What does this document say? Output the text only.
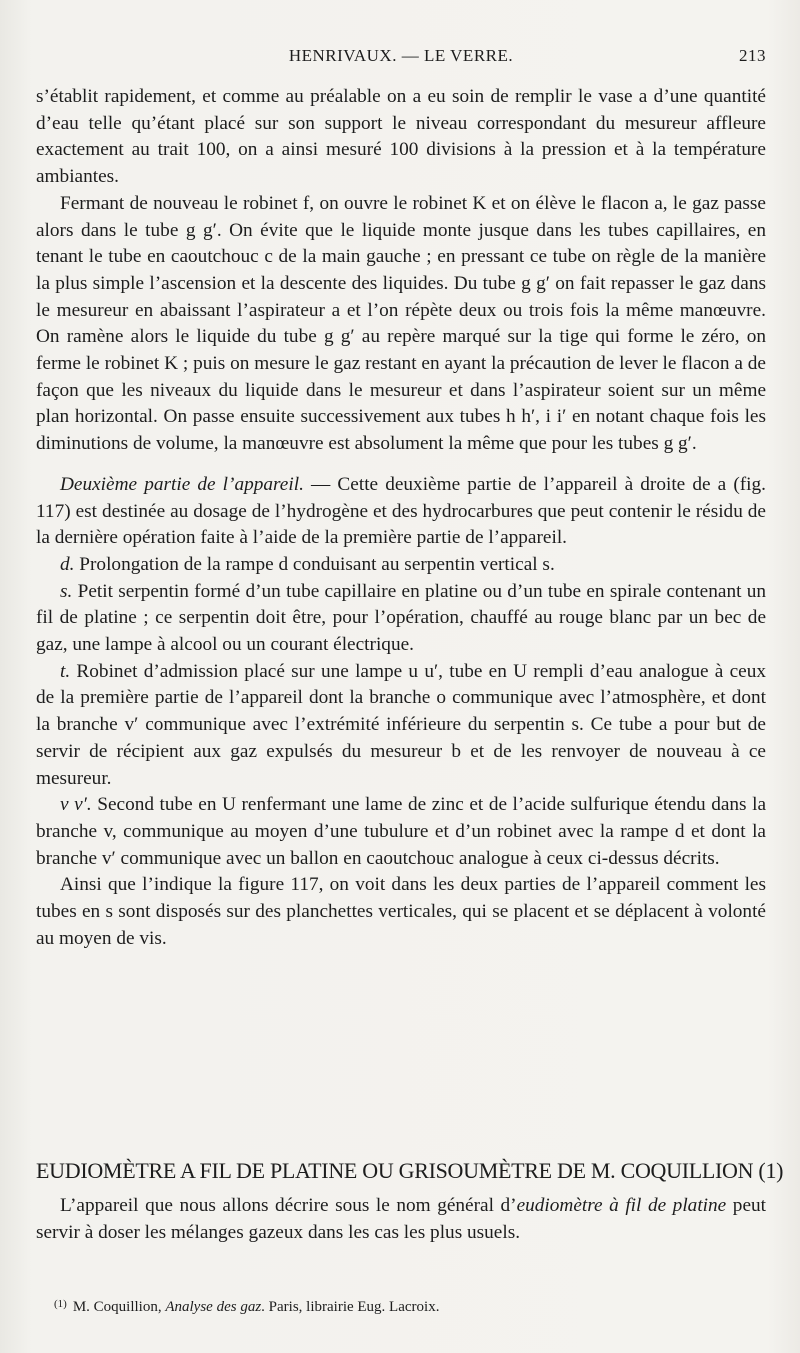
HENRIVAUX. — LE VERRE.	213

s’établit rapidement, et comme au préalable on a eu soin de remplir le vase a d’une quantité d’eau telle qu’étant placé sur son support le niveau correspondant du mesureur affleure exactement au trait 100, on a ainsi mesuré 100 divisions à la pression et à la température ambiantes.

Fermant de nouveau le robinet f, on ouvre le robinet K et on élève le flacon a, le gaz passe alors dans le tube g g′. On évite que le liquide monte jusque dans les tubes capillaires, en tenant le tube en caoutchouc c de la main gauche ; en pressant ce tube on règle de la manière la plus simple l’ascension et la descente des liquides. Du tube g g′ on fait repasser le gaz dans le mesureur en abaissant l’aspirateur a et l’on répète deux ou trois fois la même manœuvre. On ramène alors le liquide du tube g g′ au repère marqué sur la tige qui forme le zéro, on ferme le robinet K ; puis on mesure le gaz restant en ayant la précaution de lever le flacon a de façon que les niveaux du liquide dans le mesureur et dans l’aspirateur soient sur un même plan horizontal. On passe ensuite successivement aux tubes h h′, i i′ en notant chaque fois les diminutions de volume, la manœuvre est absolument la même que pour les tubes g g′.

Deuxième partie de l’appareil. — Cette deuxième partie de l’appareil à droite de a (fig. 117) est destinée au dosage de l’hydrogène et des hydrocarbures que peut contenir le résidu de la dernière opération faite à l’aide de la première partie de l’appareil.

d. Prolongation de la rampe d conduisant au serpentin vertical s.

s. Petit serpentin formé d’un tube capillaire en platine ou d’un tube en spirale contenant un fil de platine ; ce serpentin doit être, pour l’opération, chauffé au rouge blanc par un bec de gaz, une lampe à alcool ou un courant électrique.

t. Robinet d’admission placé sur une lampe u u′, tube en U rempli d’eau analogue à ceux de la première partie de l’appareil dont la branche o communique avec l’atmosphère, et dont la branche v′ communique avec l’extrémité inférieure du serpentin s. Ce tube a pour but de servir de récipient aux gaz expulsés du mesureur b et de les renvoyer de nouveau à ce mesureur.

v v′. Second tube en U renfermant une lame de zinc et de l’acide sulfurique étendu dans la branche v, communique au moyen d’une tubulure et d’un robinet avec la rampe d et dont la branche v′ communique avec un ballon en caoutchouc analogue à ceux ci-dessus décrits.

Ainsi que l’indique la figure 117, on voit dans les deux parties de l’appareil comment les tubes en s sont disposés sur des planchettes verticales, qui se placent et se déplacent à volonté au moyen de vis.

EUDIOMÈTRE A FIL DE PLATINE OU GRISOUMÈTRE DE M. COQUILLION (1)

L’appareil que nous allons décrire sous le nom général d’eudiomètre à fil de platine peut servir à doser les mélanges gazeux dans les cas les plus usuels.

$^{(1)}$ M. Coquillion, Analyse des gaz. Paris, librairie Eug. Lacroix.
